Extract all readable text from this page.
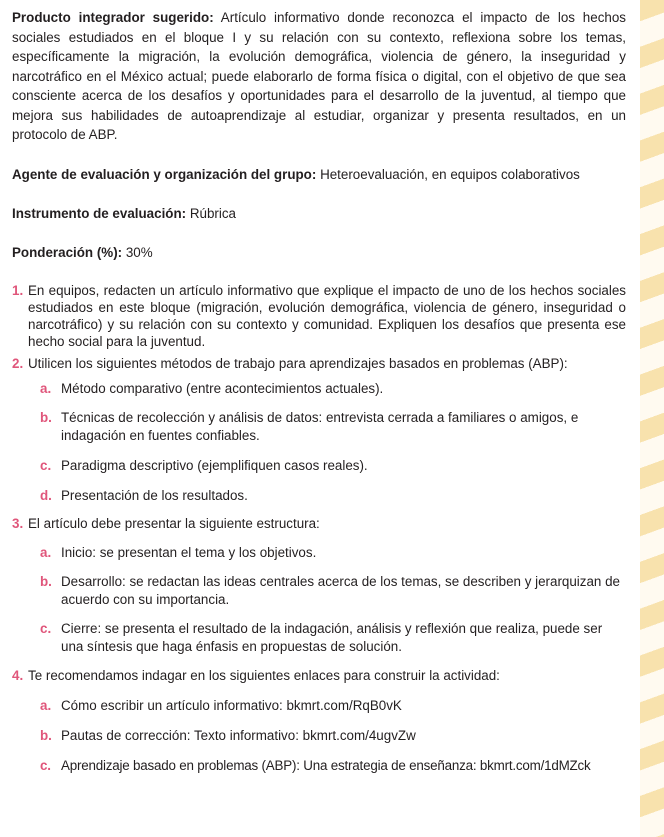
Producto integrador sugerido: Artículo informativo donde reconozca el impacto de los hechos sociales estudiados en el bloque I y su relación con su contexto, reflexiona sobre los temas, específicamente la migración, la evolución demográfica, violencia de género, la inseguridad y narcotráfico en el México actual; puede elaborarlo de forma física o digital, con el objetivo de que sea consciente acerca de los desafíos y oportunidades para el desarrollo de la juventud, al tiempo que mejora sus habilidades de autoaprendizaje al estudiar, organizar y presenta resultados, en un protocolo de ABP.

Agente de evaluación y organización del grupo: Heteroevaluación, en equipos colaborativos

Instrumento de evaluación: Rúbrica

Ponderación (%): 30%

1. En equipos, redacten un artículo informativo que explique el impacto de uno de los hechos sociales estudiados en este bloque (migración, evolución demográfica, violencia de género, inseguridad o narcotráfico) y su relación con su contexto y comunidad. Expliquen los desafíos que presenta ese hecho social para la juventud.
2. Utilicen los siguientes métodos de trabajo para aprendizajes basados en problemas (ABP):
a. Método comparativo (entre acontecimientos actuales).
b. Técnicas de recolección y análisis de datos: entrevista cerrada a familiares o amigos, e indagación en fuentes confiables.
c. Paradigma descriptivo (ejemplifiquen casos reales).
d. Presentación de los resultados.
3. El artículo debe presentar la siguiente estructura:
a. Inicio: se presentan el tema y los objetivos.
b. Desarrollo: se redactan las ideas centrales acerca de los temas, se describen y jerarquizan de acuerdo con su importancia.
c. Cierre: se presenta el resultado de la indagación, análisis y reflexión que realiza, puede ser una síntesis que haga énfasis en propuestas de solución.
4. Te recomendamos indagar en los siguientes enlaces para construir la actividad:
a. Cómo escribir un artículo informativo: bkmrt.com/RqB0vK
b. Pautas de corrección: Texto informativo: bkmrt.com/4ugvZw
c. Aprendizaje basado en problemas (ABP): Una estrategia de enseñanza: bkmrt.com/1dMZck
